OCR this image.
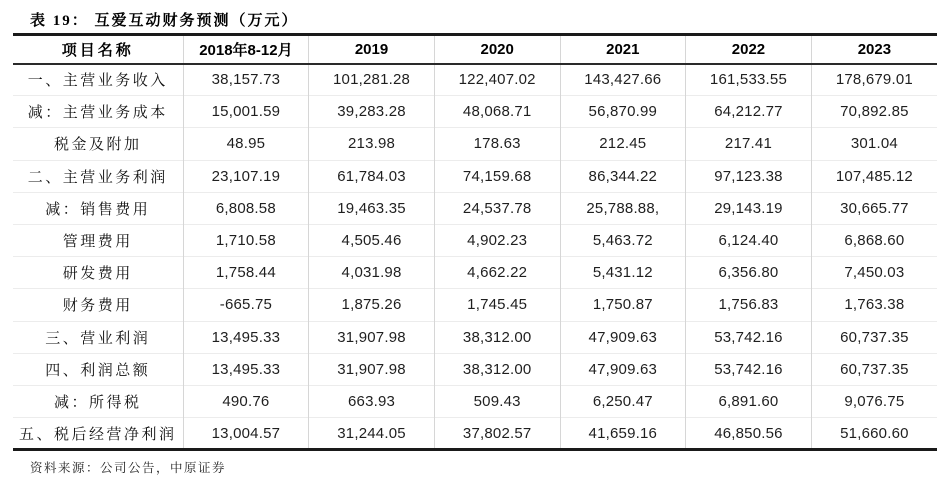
表 19： 互爱互动财务预测（万元）
项目名称	2018年8-12月	2019	2020	2021	2022	2023
一、主营业务收入	38,157.73	101,281.28	122,407.02	143,427.66	161,533.55	178,679.01
减：主营业务成本	15,001.59	39,283.28	48,068.71	56,870.99	64,212.77	70,892.85
税金及附加	48.95	213.98	178.63	212.45	217.41	301.04
二、主营业务利润	23,107.19	61,784.03	74,159.68	86,344.22	97,123.38	107,485.12
减：销售费用	6,808.58	19,463.35	24,537.78	25,788.88,	29,143.19	30,665.77
管理费用	1,710.58	4,505.46	4,902.23	5,463.72	6,124.40	6,868.60
研发费用	1,758.44	4,031.98	4,662.22	5,431.12	6,356.80	7,450.03
财务费用	-665.75	1,875.26	1,745.45	1,750.87	1,756.83	1,763.38
三、营业利润	13,495.33	31,907.98	38,312.00	47,909.63	53,742.16	60,737.35
四、利润总额	13,495.33	31,907.98	38,312.00	47,909.63	53,742.16	60,737.35
减：所得税	490.76	663.93	509.43	6,250.47	6,891.60	9,076.75
五、税后经营净利润	13,004.57	31,244.05	37,802.57	41,659.16	46,850.56	51,660.60
资料来源：公司公告，中原证券
